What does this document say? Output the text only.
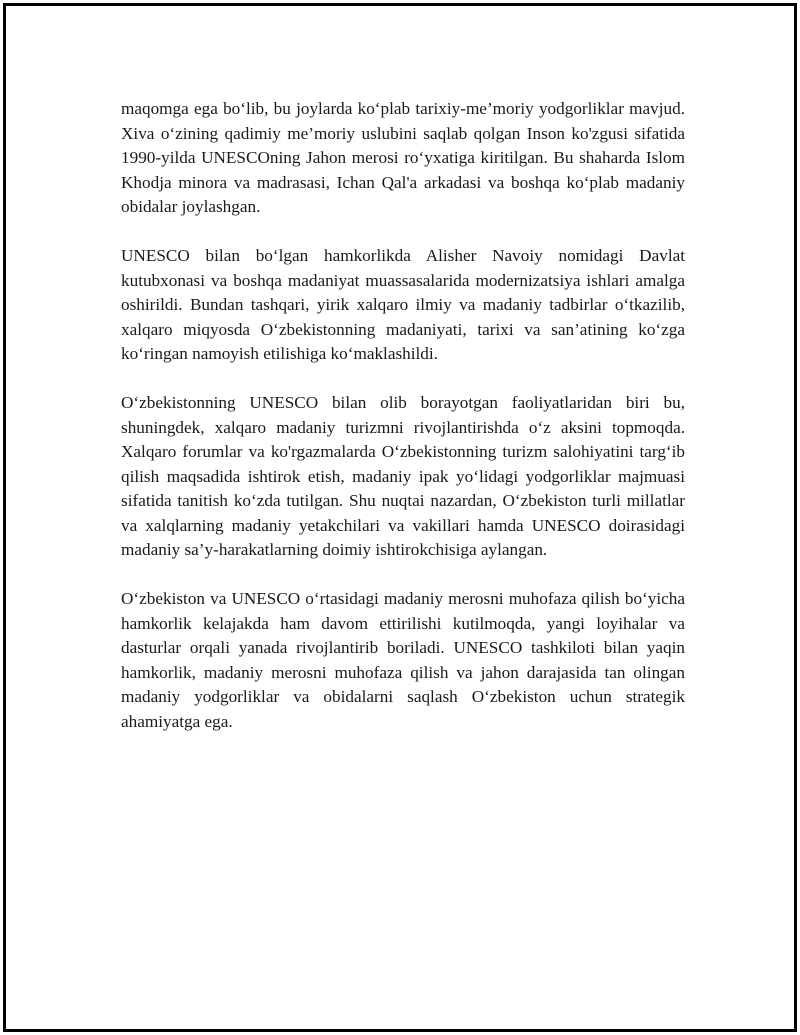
maqomga ega bo‘lib, bu joylarda ko‘plab tarixiy-me’moriy yodgorliklar mavjud. Xiva o‘zining qadimiy me’moriy uslubini saqlab qolgan Inson ko'zgusi sifatida 1990-yilda UNESCOning Jahon merosi ro‘yxatiga kiritilgan. Bu shaharda Islom Khodja minora va madrasasi, Ichan Qal'a arkadasi va boshqa ko‘plab madaniy obidalar joylashgan.

UNESCO bilan bo‘lgan hamkorlikda Alisher Navoiy nomidagi Davlat kutubxonasi va boshqa madaniyat muassasalarida modernizatsiya ishlari amalga oshirildi. Bundan tashqari, yirik xalqaro ilmiy va madaniy tadbirlar o‘tkazilib, xalqaro miqyosda O‘zbekistonning madaniyati, tarixi va san’atining ko‘zga ko‘ringan namoyish etilishiga ko‘maklashildi.

O‘zbekistonning UNESCO bilan olib borayotgan faoliyatlaridan biri bu, shuningdek, xalqaro madaniy turizmni rivojlantirishda o‘z aksini topmoqda. Xalqaro forumlar va ko'rgazmalarda O‘zbekistonning turizm salohiyatini targ‘ib qilish maqsadida ishtirok etish, madaniy ipak yo‘lidagi yodgorliklar majmuasi sifatida tanitish ko‘zda tutilgan. Shu nuqtai nazardan, O‘zbekiston turli millatlar va xalqlarning madaniy yetakchilari va vakillari hamda UNESCO doirasidagi madaniy sa’y-harakatlarning doimiy ishtirokchisiga aylangan.

O‘zbekiston va UNESCO o‘rtasidagi madaniy merosni muhofaza qilish bo‘yicha hamkorlik kelajakda ham davom ettirilishi kutilmoqda, yangi loyihalar va dasturlar orqali yanada rivojlantirib boriladi. UNESCO tashkiloti bilan yaqin hamkorlik, madaniy merosni muhofaza qilish va jahon darajasida tan olingan madaniy yodgorliklar va obidalarni saqlash O‘zbekiston uchun strategik ahamiyatga ega.
